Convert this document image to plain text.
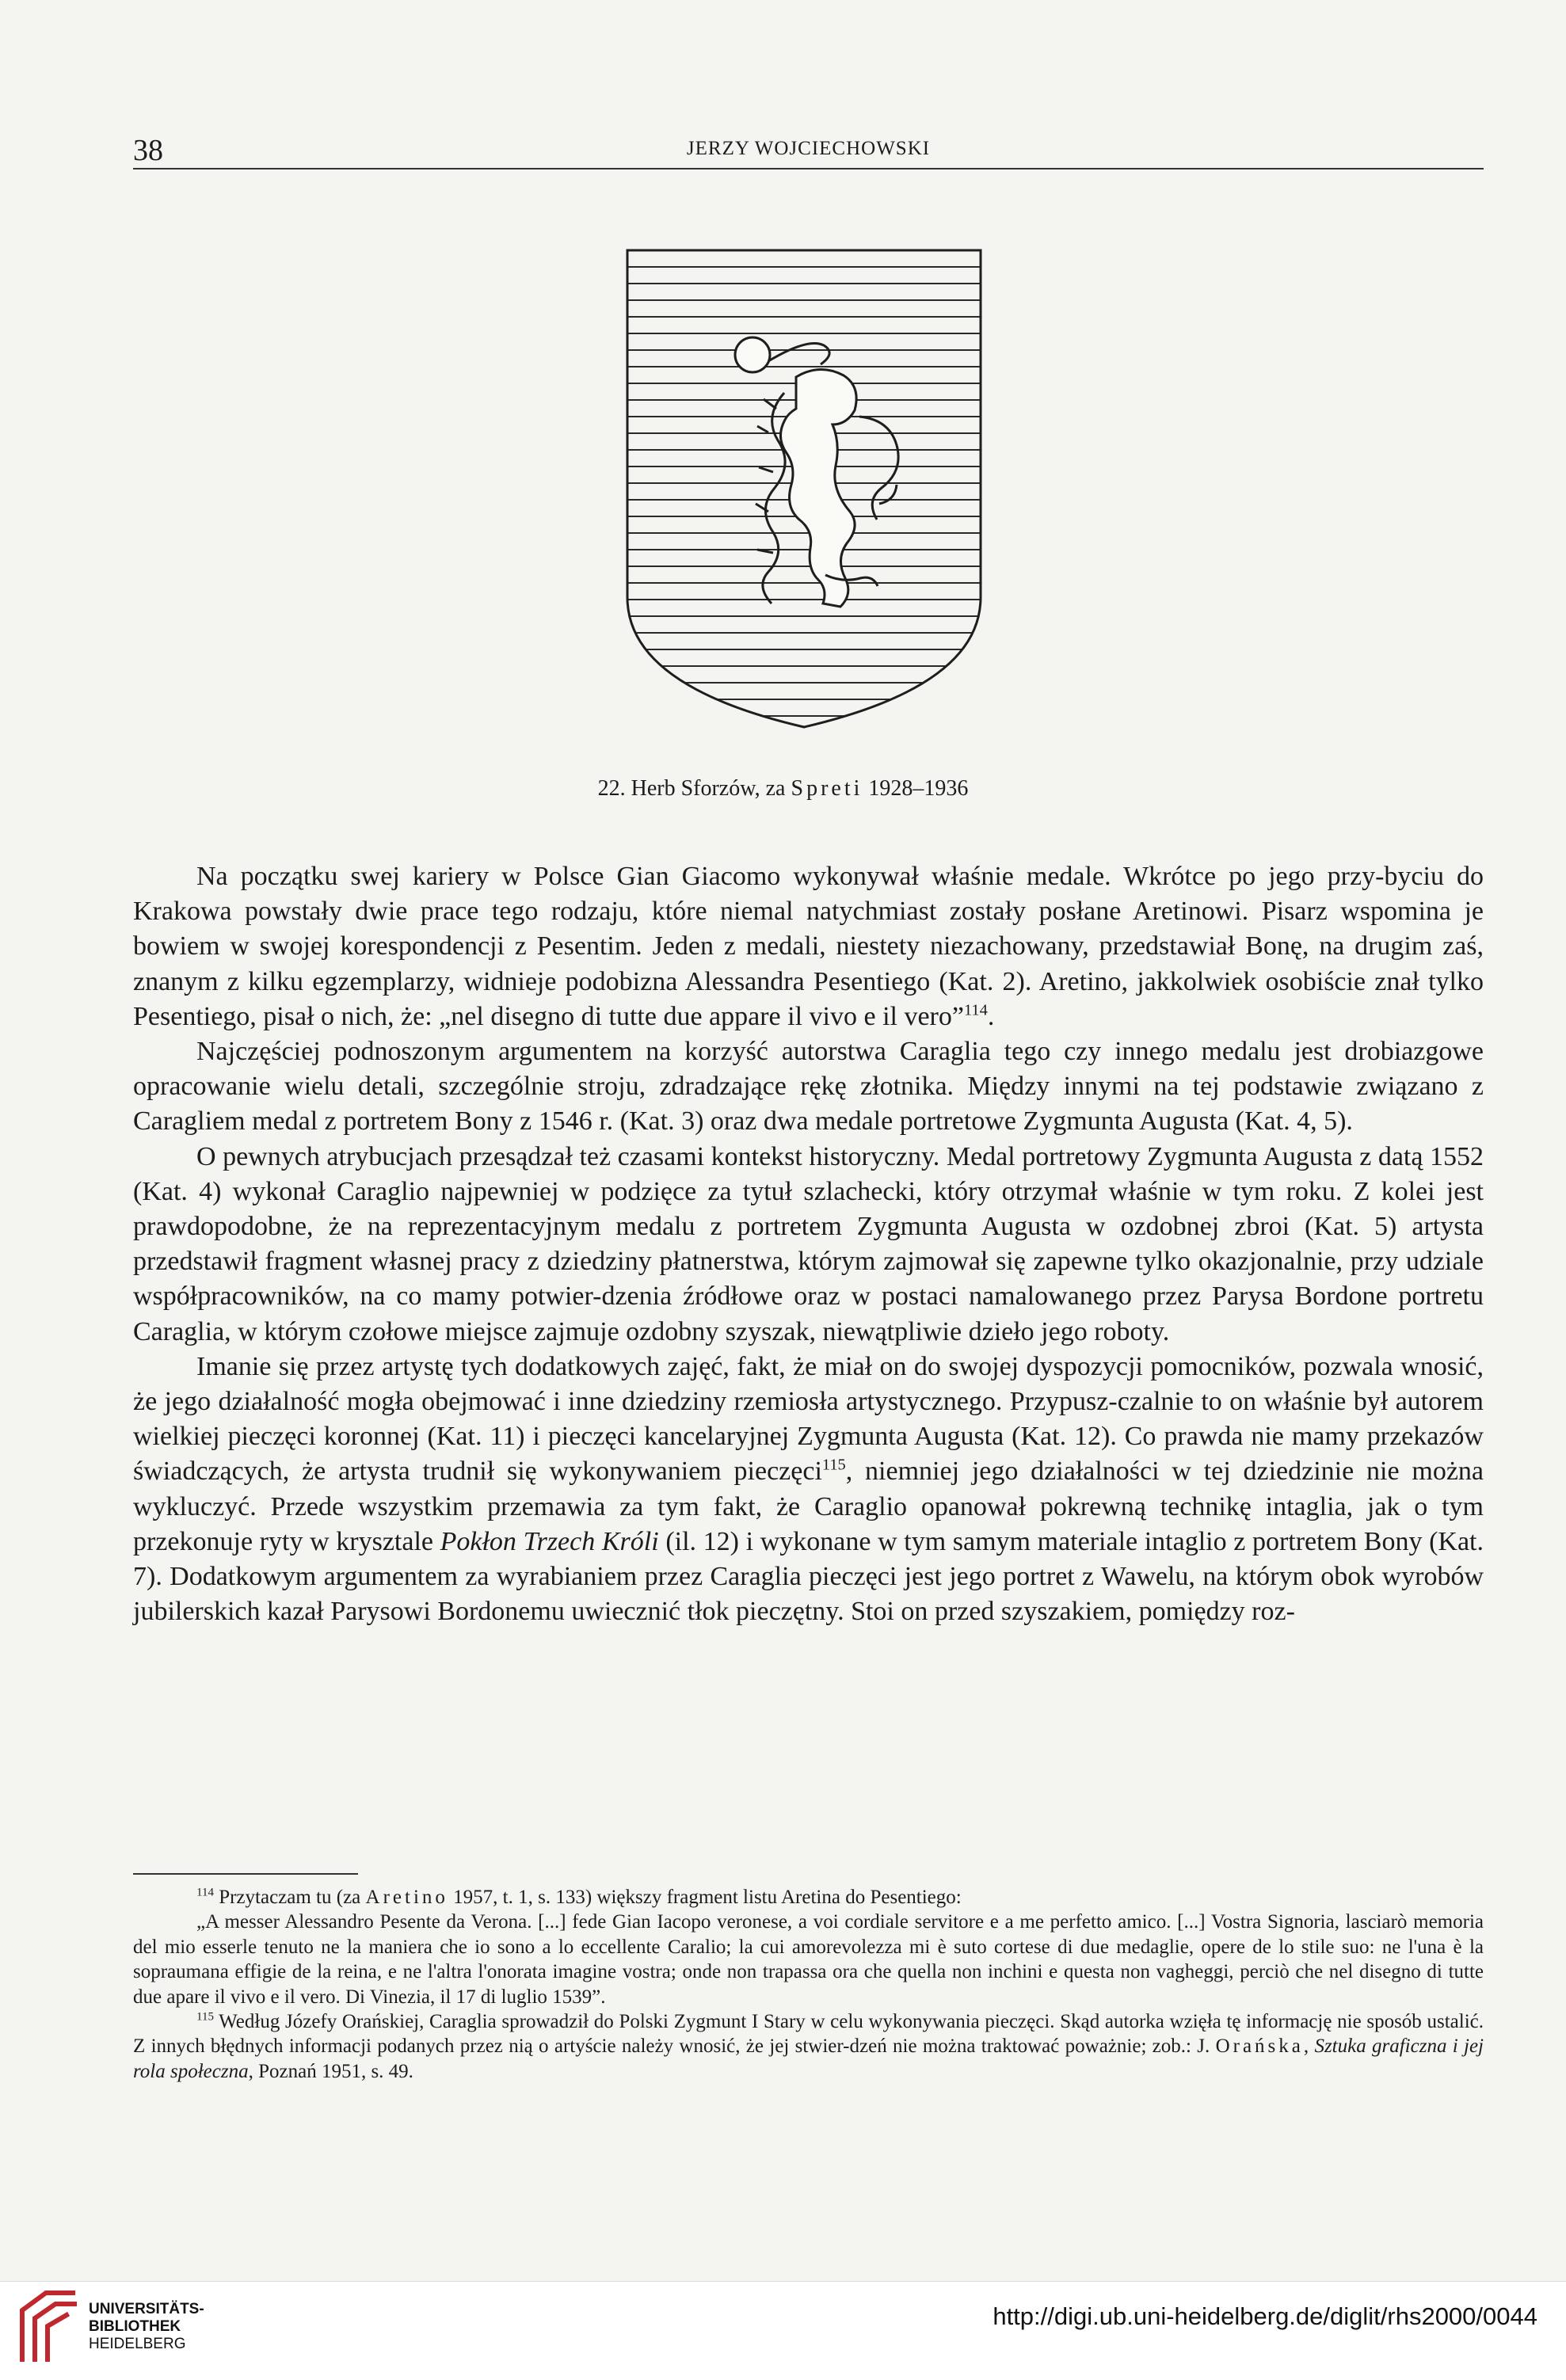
38	JERZY WOJCIECHOWSKI
22. Herb Sforzów, za Spreti 1928–1936

Na początku swej kariery w Polsce Gian Giacomo wykonywał właśnie medale. Wkrótce po jego przy-byciu do Krakowa powstały dwie prace tego rodzaju, które niemal natychmiast zostały posłane Aretinowi. Pisarz wspomina je bowiem w swojej korespondencji z Pesentim. Jeden z medali, niestety niezachowany, przedstawiał Bonę, na drugim zaś, znanym z kilku egzemplarzy, widnieje podobizna Alessandra Pesentiego (Kat. 2). Aretino, jakkolwiek osobiście znał tylko Pesentiego, pisał o nich, że: „nel disegno di tutte due appare il vivo e il vero”$^{114}$.

Najczęściej podnoszonym argumentem na korzyść autorstwa Caraglia tego czy innego medalu jest drobiazgowe opracowanie wielu detali, szczególnie stroju, zdradzające rękę złotnika. Między innymi na tej podstawie związano z Caragliem medal z portretem Bony z 1546 r. (Kat. 3) oraz dwa medale portretowe Zygmunta Augusta (Kat. 4, 5).

O pewnych atrybucjach przesądzał też czasami kontekst historyczny. Medal portretowy Zygmunta Augusta z datą 1552 (Kat. 4) wykonał Caraglio najpewniej w podzięce za tytuł szlachecki, który otrzymał właśnie w tym roku. Z kolei jest prawdopodobne, że na reprezentacyjnym medalu z portretem Zygmunta Augusta w ozdobnej zbroi (Kat. 5) artysta przedstawił fragment własnej pracy z dziedziny płatnerstwa, którym zajmował się zapewne tylko okazjonalnie, przy udziale współpracowników, na co mamy potwier-dzenia źródłowe oraz w postaci namalowanego przez Parysa Bordone portretu Caraglia, w którym czołowe miejsce zajmuje ozdobny szyszak, niewątpliwie dzieło jego roboty.

Imanie się przez artystę tych dodatkowych zajęć, fakt, że miał on do swojej dyspozycji pomocników, pozwala wnosić, że jego działalność mogła obejmować i inne dziedziny rzemiosła artystycznego. Przypusz-czalnie to on właśnie był autorem wielkiej pieczęci koronnej (Kat. 11) i pieczęci kancelaryjnej Zygmunta Augusta (Kat. 12). Co prawda nie mamy przekazów świadczących, że artysta trudnił się wykonywaniem pieczęci$^{115}$, niemniej jego działalności w tej dziedzinie nie można wykluczyć. Przede wszystkim przemawia za tym fakt, że Caraglio opanował pokrewną technikę intaglia, jak o tym przekonuje ryty w krysztale Pokłon Trzech Króli (il. 12) i wykonane w tym samym materiale intaglio z portretem Bony (Kat. 7). Dodatkowym argumentem za wyrabianiem przez Caraglia pieczęci jest jego portret z Wawelu, na którym obok wyrobów jubilerskich kazał Parysowi Bordonemu uwiecznić tłok pieczętny. Stoi on przed szyszakiem, pomiędzy roz-

$^{114}$ Przytaczam tu (za Aretino 1957, t. 1, s. 133) większy fragment listu Aretina do Pesentiego:

„A messer Alessandro Pesente da Verona. [...] fede Gian Iacopo veronese, a voi cordiale servitore e a me perfetto amico. [...] Vostra Signoria, lasciarò memoria del mio esserle tenuto ne la maniera che io sono a lo eccellente Caralio; la cui amorevolezza mi è suto cortese di due medaglie, opere de lo stile suo: ne l'una è la sopraumana effigie de la reina, e ne l'altra l'onorata imagine vostra; onde non trapassa ora che quella non inchini e questa non vagheggi, perciò che nel disegno di tutte due apare il vivo e il vero. Di Vinezia, il 17 di luglio 1539”.

$^{115}$ Według Józefy Orańskiej, Caraglia sprowadził do Polski Zygmunt I Stary w celu wykonywania pieczęci. Skąd autorka wzięła tę informację nie sposób ustalić. Z innych błędnych informacji podanych przez nią o artyście należy wnosić, że jej stwier-dzeń nie można traktować poważnie; zob.: J. Orańska, Sztuka graficzna i jej rola społeczna, Poznań 1951, s. 49.

UNIVERSITÄTS-
BIBLIOTHEK
HEIDELBERG
http://digi.ub.uni-heidelberg.de/diglit/rhs2000/0044
